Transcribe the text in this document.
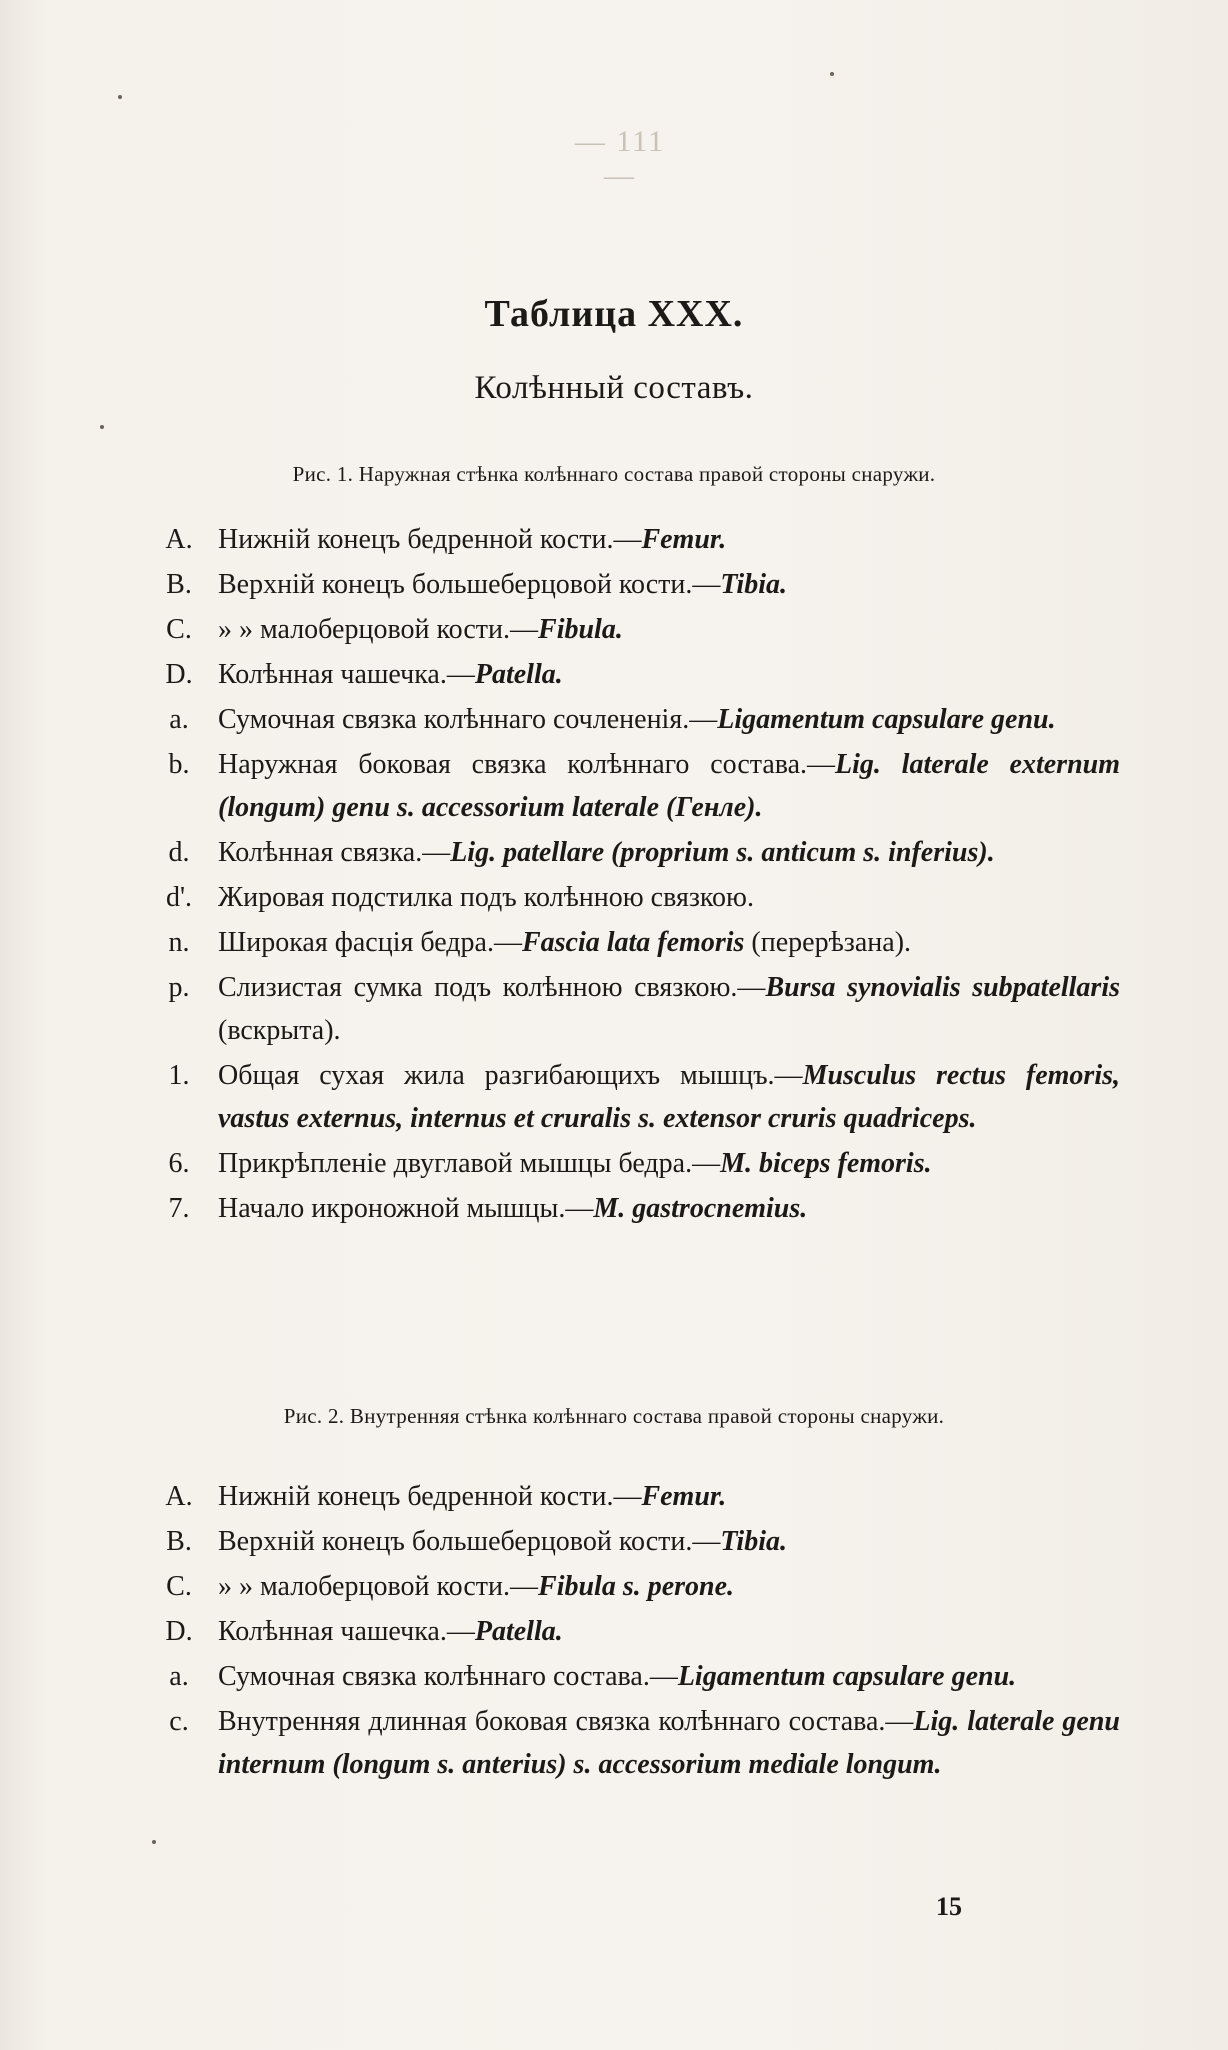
— 111 —
Таблица XXX.
Колѣнный составъ.
Рис. 1. Наружная стѣнка колѣннаго состава правой стороны снаружи.
A. Нижній конецъ бедренной кости.—Femur.
B. Верхній конецъ большеберцовой кости.—Tibia.
C. » » малоберцовой кости.—Fibula.
D. Колѣнная чашечка.—Patella.
a.	Сумочная связка колѣннаго сочлененія.—Ligamentum capsulare genu.
b.	Наружная боковая связка колѣннаго состава.—Lig. laterale externum (longum) genu s. accessorium laterale (Генле).
d.	Колѣнная связка.—Lig. patellare (proprium s. anticum s. inferius).
d'. Жировая подстилка подъ колѣнною связкою.
n.	Широкая фасція бедра.—Fascia lata femoris (перерѣзана).
p.	Слизистая сумка подъ колѣнною связкою.—Bursa synovialis subpatellaris (вскрыта).
1.	Общая сухая жила разгибающихъ мышцъ.—Musculus rectus femoris, vastus externus, internus et cruralis s. extensor cruris quadriceps.
6.	Прикрѣпленіе двуглавой мышцы бедра.—M. biceps femoris.
7.	Начало икроножной мышцы.—M. gastrocnemius.
Рис. 2. Внутренняя стѣнка колѣннаго состава правой стороны снаружи.
A. Нижній конецъ бедренной кости.—Femur.
B. Верхній конецъ большеберцовой кости.—Tibia.
C. » » малоберцовой кости.—Fibula s. perone.
D. Колѣнная чашечка.—Patella.
a.	Сумочная связка колѣннаго состава.—Ligamentum capsulare genu.
c.	Внутренняя длинная боковая связка колѣннаго состава.—Lig. laterale genu internum (longum s. anterius) s. accessorium mediale longum.
15
